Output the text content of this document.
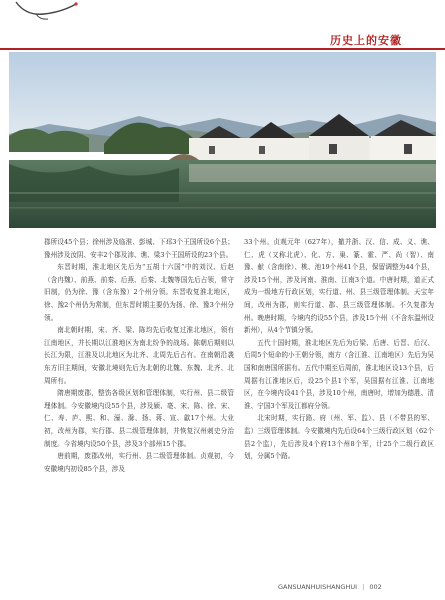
历史上的安徽

郡所设45个县；徐州涉及临淮、彭城、下邳3个王国所设6个县；豫州涉及汝阴、安丰2个郡及沛、谯、梁3个王国所设的23个县。

东晋时期，淮北地区先后为“五胡十六国”中的刘汉、后赵（含冉魏）、前燕、前秦、后燕、后秦、北魏等国先后占领，常守旧制，仍为徐、豫（含东豫）2个州分领。东晋收复淮北地区，徐、豫2个州仍为常制，但东晋时期主要仍为扬、徐、豫3个州分领。

南北朝时期，宋、齐、梁、陈均先后收复过淮北地区，领有江南地区，并长期以江淮地区为南北纷争的战场。陈朝后期则以长江为限，江淮及以北地区为北齐、北周先后占有。在南朝沿袭东方旧主期间，安徽北境则先后为北朝的北魏、东魏、北齐、北周所有。

隋唐期废郡，整饬各级区划和管理体制，实行州、县二级管理体制。今安徽境内设55个县，涉及颍、亳、宋、陈、徐、宋、仁、寿、庐、熙、和、濠、滁、扬、蒋、宣、歙17个州。大业初，改州为郡，实行郡、县二级管理体制，并恢复汉州刺史分治制度。今省境内设50个县，涉及3个部州15个郡。

唐前期，废郡改州，实行州、县二级管理体制。贞观初，今安徽境内初设85个县，涉及

33个州。贞观元年（627年），撤并浙、汉、信、成、义、谯、仁、虎（又称北虎）、化、方、巢、篆、霍、严、尚（智）、南豫、献（含南徐）、桃、池19个州41个县，保留调整为44个县，涉及15个州，涉及河南、淮南、江南3个道。中唐时期，道正式成为一级地方行政区划，实行道、州、县三级管理体制。天宝年间，改州为郡，则实行道、郡、县三级管理体制。不久复郡为州。晚唐时期，今境内约设55个县，涉及15个州（不含东温州设新州），从4个节镇分领。

五代十国时期，淮北地区先后为后梁、后唐、后晋、后汉、后周5个短命的小王朝分领，南方（含江淮、江南地区）先后为吴国和南唐国所据有。五代中期至后周前，淮北地区设13个县，后周据有江淮地区后，设25个县1个军，吴国据有江淮、江南地区，在今境内设41个县，涉及10个州，南唐时，增加为德胜、清淮、宁国3个军及江都府分领。

北宋时期，实行路、府（州、军、监）、县（不带县的军、监）三级管理体制。今安徽境内先后设64个三级行政区划（62个县2个监），先后涉及4个府13个州8个军，计25个二级行政区划，分属5个路。

GANSUANHUISHANGHUI | 002
